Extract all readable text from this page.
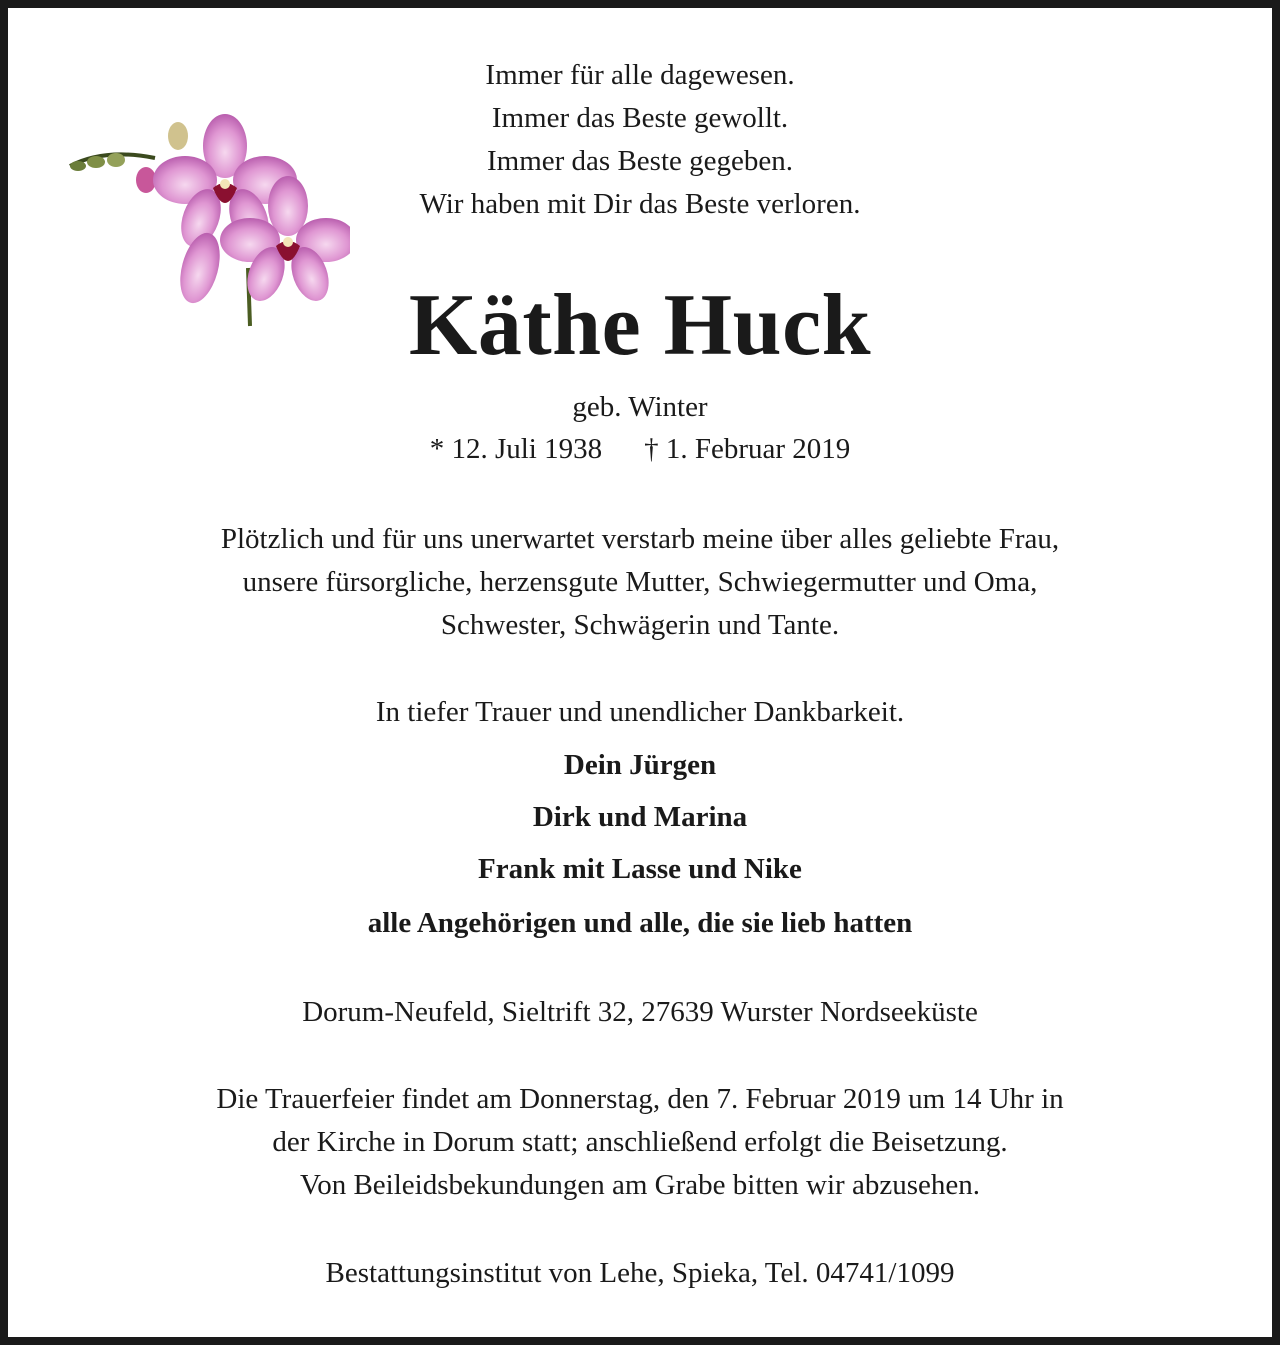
Immer für alle dagewesen.
Immer das Beste gewollt.
Immer das Beste gegeben.
Wir haben mit Dir das Beste verloren.
Käthe Huck
geb. Winter
* 12. Juli 1938 † 1. Februar 2019
Plötzlich und für uns unerwartet verstarb meine über alles geliebte Frau,
unsere fürsorgliche, herzensgute Mutter, Schwiegermutter und Oma,
Schwester, Schwägerin und Tante.
In tiefer Trauer und unendlicher Dankbarkeit.
Dein Jürgen
Dirk und Marina
Frank mit Lasse und Nike
alle Angehörigen und alle, die sie lieb hatten
Dorum-Neufeld, Sieltrift 32, 27639 Wurster Nordseeküste
Die Trauerfeier findet am Donnerstag, den 7. Februar 2019 um 14 Uhr in
der Kirche in Dorum statt; anschließend erfolgt die Beisetzung.
Von Beileidsbekundungen am Grabe bitten wir abzusehen.
Bestattungsinstitut von Lehe, Spieka, Tel. 04741/1099
